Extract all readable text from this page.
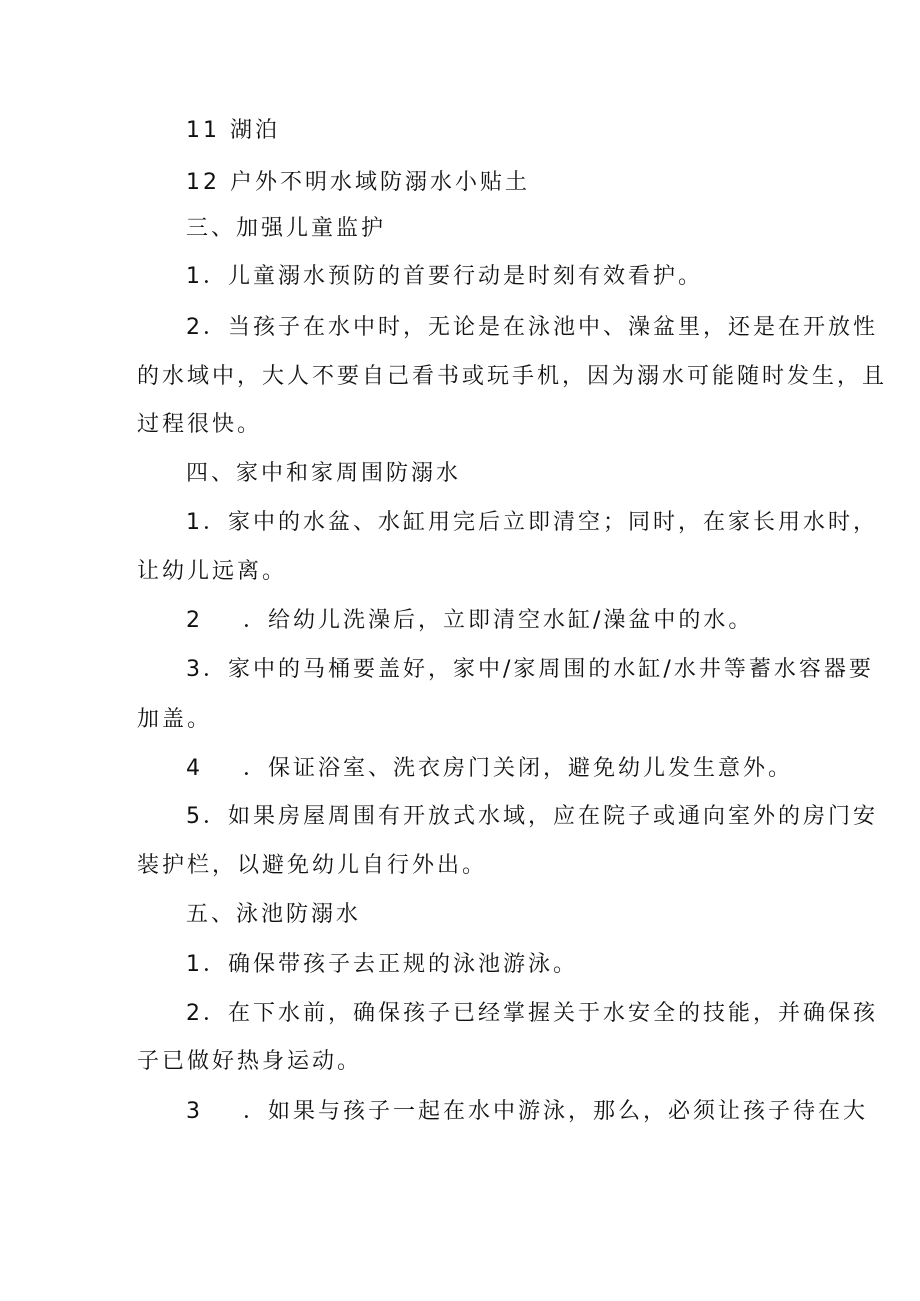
11 湖泊
12 户外不明水域防溺水小贴土
三、加强儿童监护
1．儿童溺水预防的首要行动是时刻有效看护。
2．当孩子在水中时，无论是在泳池中、澡盆里，还是在开放性
的水域中，大人不要自己看书或玩手机，因为溺水可能随时发生，且
过程很快。
四、家中和家周围防溺水
1．家中的水盆、水缸用完后立即清空；同时，在家长用水时，
让幼儿远离。
2 ．给幼儿洗澡后，立即清空水缸/澡盆中的水。
3．家中的马桶要盖好，家中/家周围的水缸/水井等蓄水容器要
加盖。
4 ．保证浴室、洗衣房门关闭，避免幼儿发生意外。
5．如果房屋周围有开放式水域，应在院子或通向室外的房门安
装护栏，以避免幼儿自行外出。
五、泳池防溺水
1．确保带孩子去正规的泳池游泳。
2．在下水前，确保孩子已经掌握关于水安全的技能，并确保孩
子已做好热身运动。
3 ．如果与孩子一起在水中游泳，那么，必须让孩子待在大
